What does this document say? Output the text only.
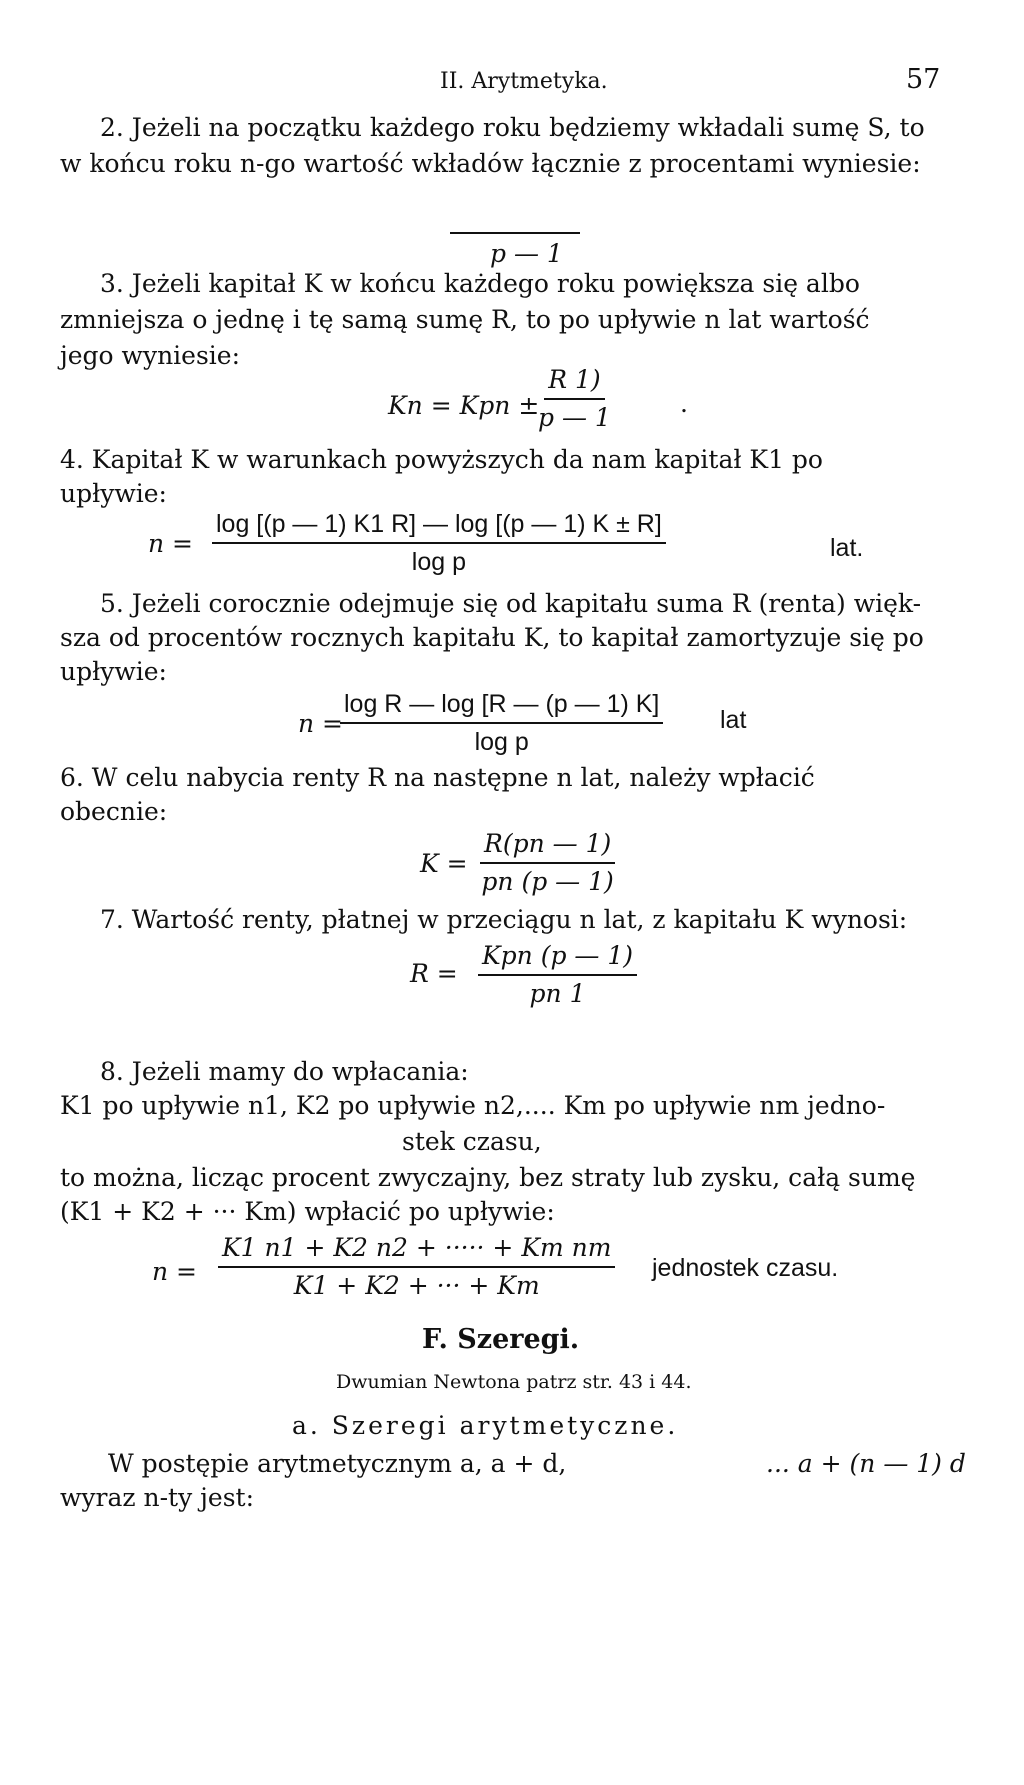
II. Arytmetyka.	57
2. Jeżeli na początku każdego roku będziemy wkładali sumę S, to
w końcu roku n-go wartość wkładów łącznie z procentami wyniesie:
p — 1
3. Jeżeli kapitał K w końcu każdego roku powiększa się albo
zmniejsza o jednę i tę samą sumę R, to po upływie n lat wartość
jego wyniesie:
Kn = Kpn ±
$\frac{R 1)}{p — 1}$	.
4. Kapitał K w warunkach powyższych da nam kapitał K1 po
upływie:
$n = \frac{\log [(p — 1) K1 R] — \log [(p — 1) K \pm R]}{\text{log p}}$	lat.
5. Jeżeli corocznie odejmuje się od kapitału suma R (renta) więk-
sza od procentów rocznych kapitału K, to kapitał zamortyzuje się po
upływie:
n =
$\frac{\text{log R — log [R — (p — 1) K]}}{\text{log p}}$ lat
6. W celu nabycia renty R na następne n lat, należy wpłacić
obecnie:
$K = \frac{R(pn — 1)}{pn (p — 1)}$
7. Wartość renty, płatnej w przeciągu n lat, z kapitału K wynosi:
R =
Kpn (p — 1)
pn 1
8. Jeżeli mamy do wpłacania:
K1 po upływie n1, K2 po upływie n2,.... Km po upływie nm jedno-
stek czasu,
to można, licząc procent zwyczajny, bez straty lub zysku, całą sumę
(K1 + K2 + ··· Km) wpłacić po upływie:
$n = \frac{\text{K1 n1 + K2 n2 + ····· + Km nm}}{K1 + K2 + \cdot\cdot\cdot + Km}$ jednostek czasu.
F. Szeregi.
Dwumian Newtona patrz str. 43 i 44.
a. Szeregi arytmetyczne.
W postępie arytmetycznym a, a + d,	... a + (n — 1) d
wyraz n-ty jest:
